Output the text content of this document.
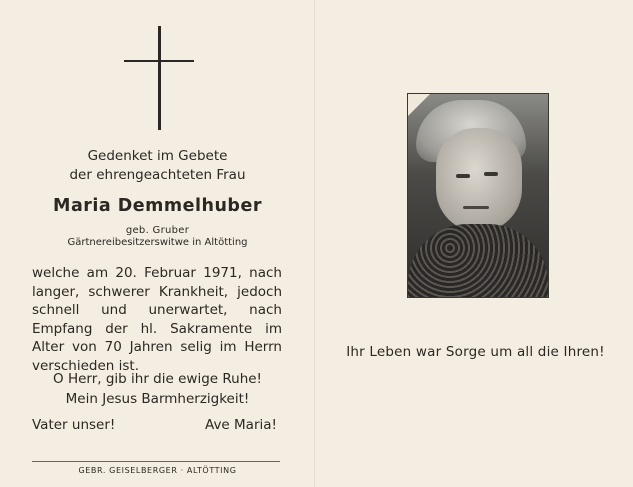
Gedenket im Gebete
der ehrengeachteten Frau
Maria Demmelhuber
geb. Gruber
Gärtnereibesitzerswitwe in Altötting
welche am 20. Februar 1971, nach langer, schwerer Krankheit, jedoch schnell und unerwartet, nach Empfang der hl. Sakramente im Alter von 70 Jahren selig im Herrn verschieden ist.
O Herr, gib ihr die ewige Ruhe!
Mein Jesus Barmherzigkeit!
Vater unser!	Ave Maria!
GEBR. GEISELBERGER · ALTÖTTING
Ihr Leben war Sorge um all die Ihren!
